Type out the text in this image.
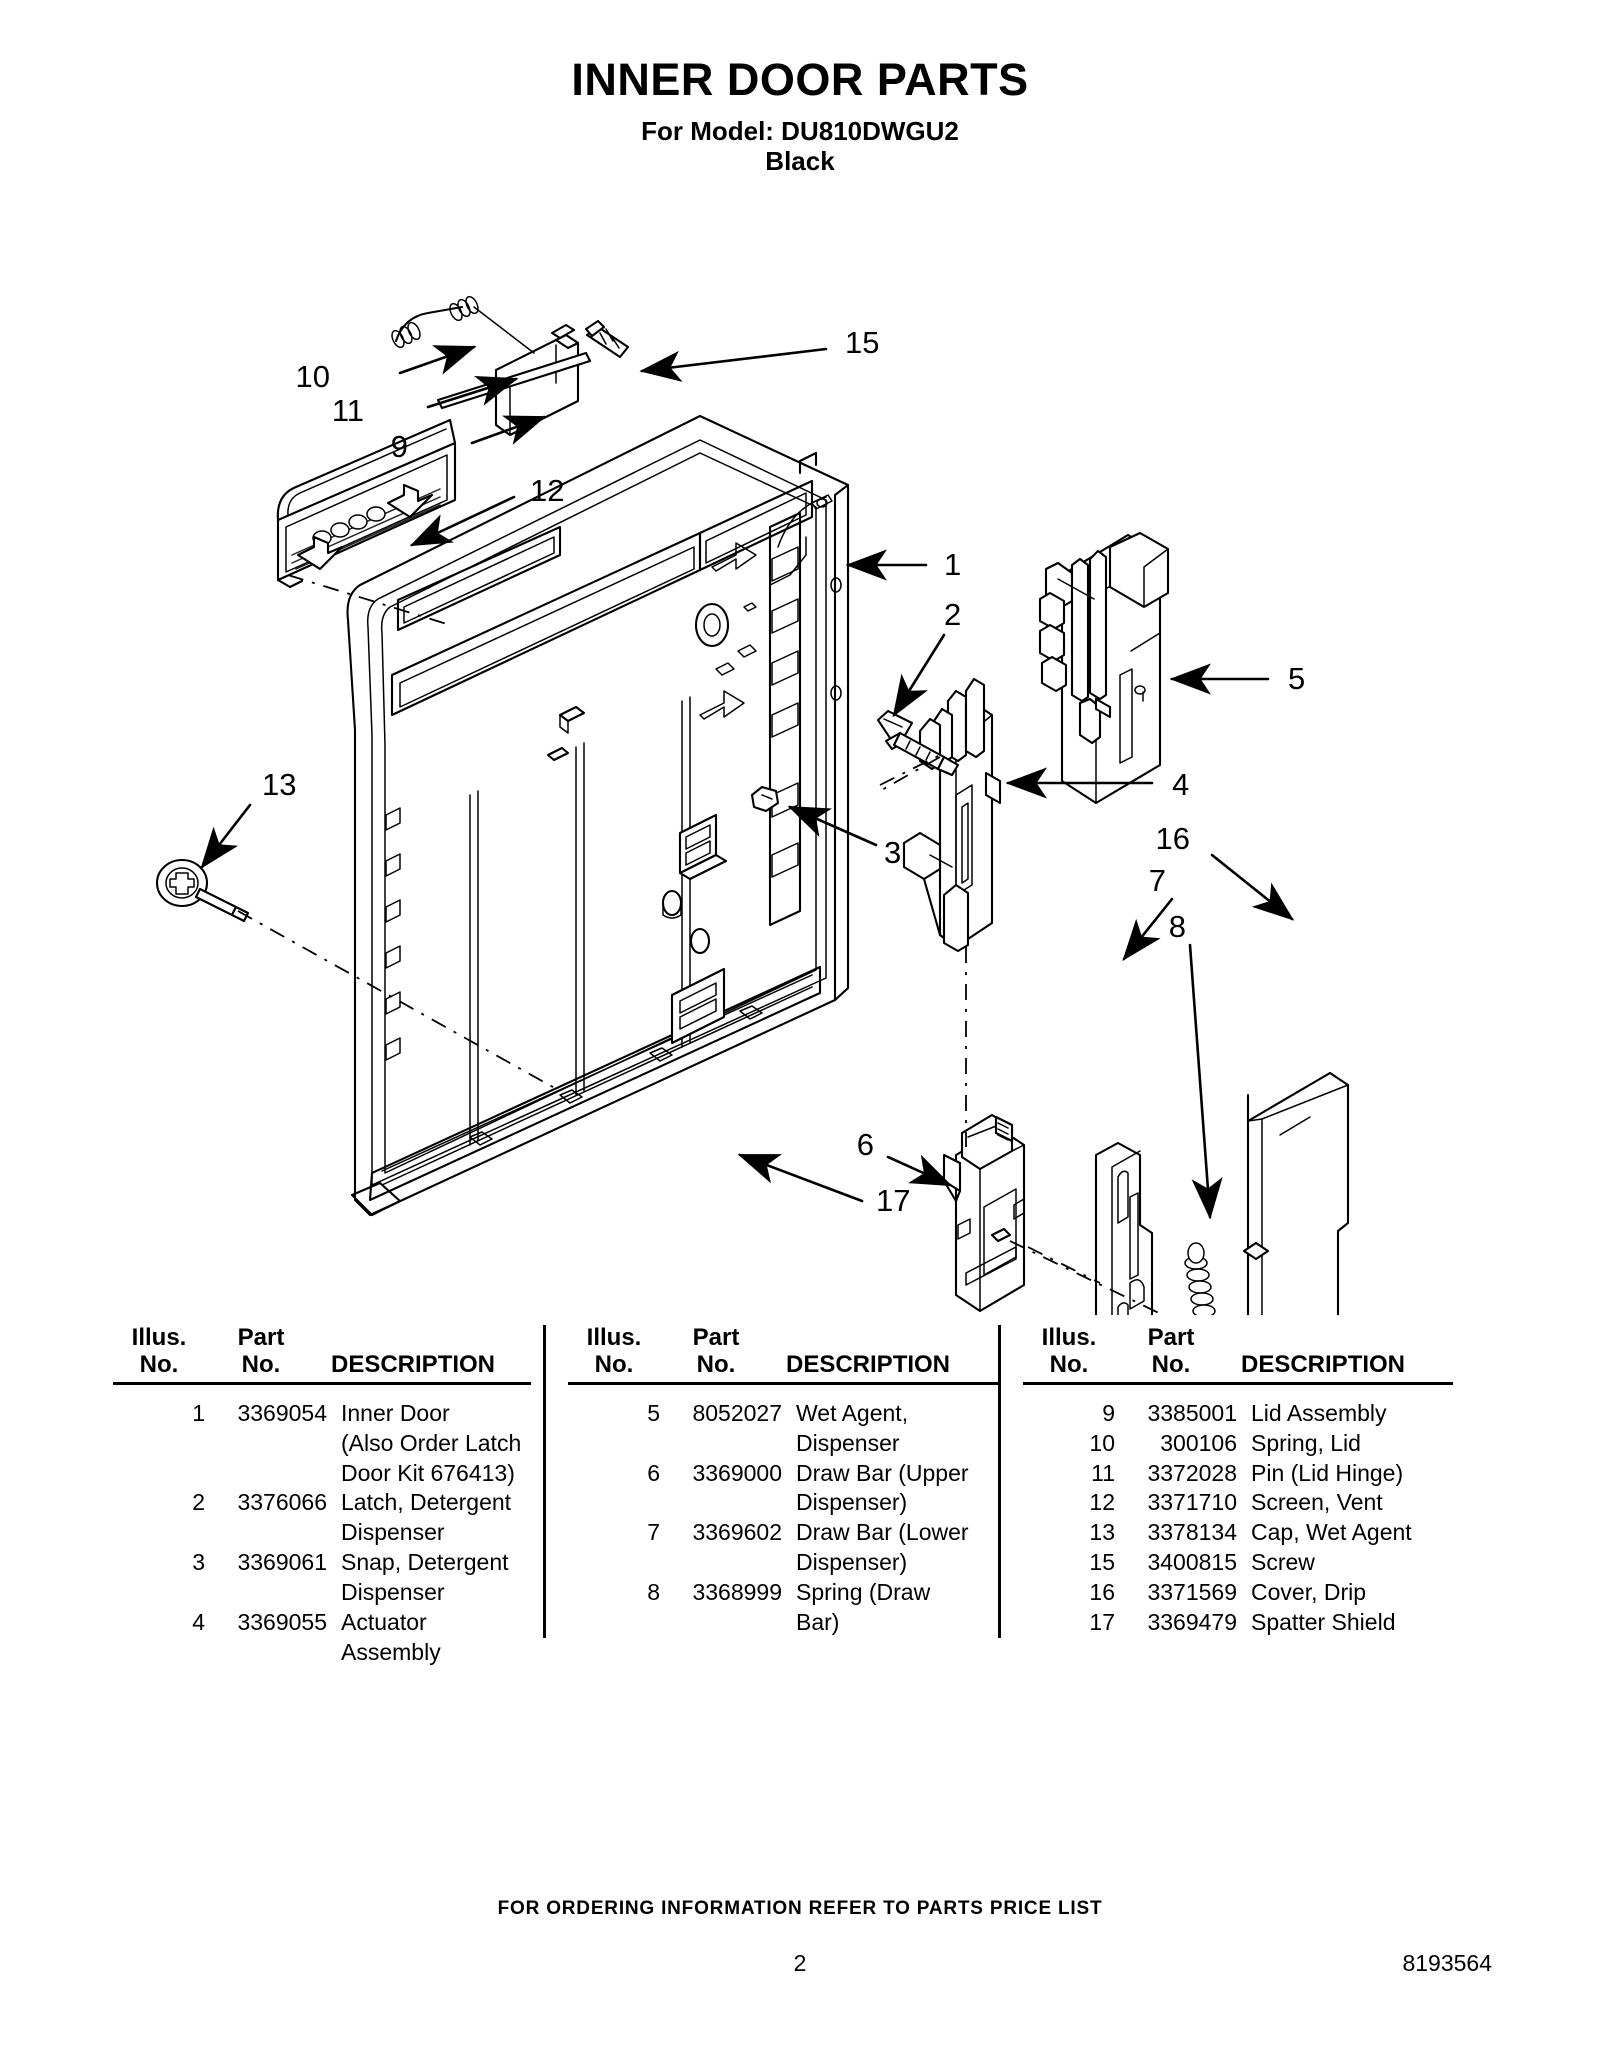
INNER DOOR PARTS
For Model: DU810DWGU2
Black
10
11
9
12
15
1
2
5
4
3	16
7
8
6
17
13
Illus.
No.
Part
No.	DESCRIPTION
1	3369054 Inner Door
(Also Order Latch
Door Kit 676413)
2	3376066 Latch, Detergent
Dispenser
3	3369061 Snap, Detergent
Dispenser
4	3369055 Actuator Assembly
Illus.
No.
Part
No.	DESCRIPTION
5	8052027 Wet Agent,
Dispenser
6	3369000 Draw Bar (Upper
Dispenser)
7	3369602 Draw Bar (Lower
Dispenser)
8	3368999 Spring (Draw
Bar)
Illus.
No.
Part
No.	DESCRIPTION
9	3385001 Lid Assembly
10	300106 Spring, Lid
11	3372028 Pin (Lid Hinge)
12	3371710 Screen, Vent
13	3378134 Cap, Wet Agent
15	3400815 Screw
16	3371569 Cover, Drip
17	3369479 Spatter Shield
FOR ORDERING INFORMATION REFER TO PARTS PRICE LIST
2	8193564
